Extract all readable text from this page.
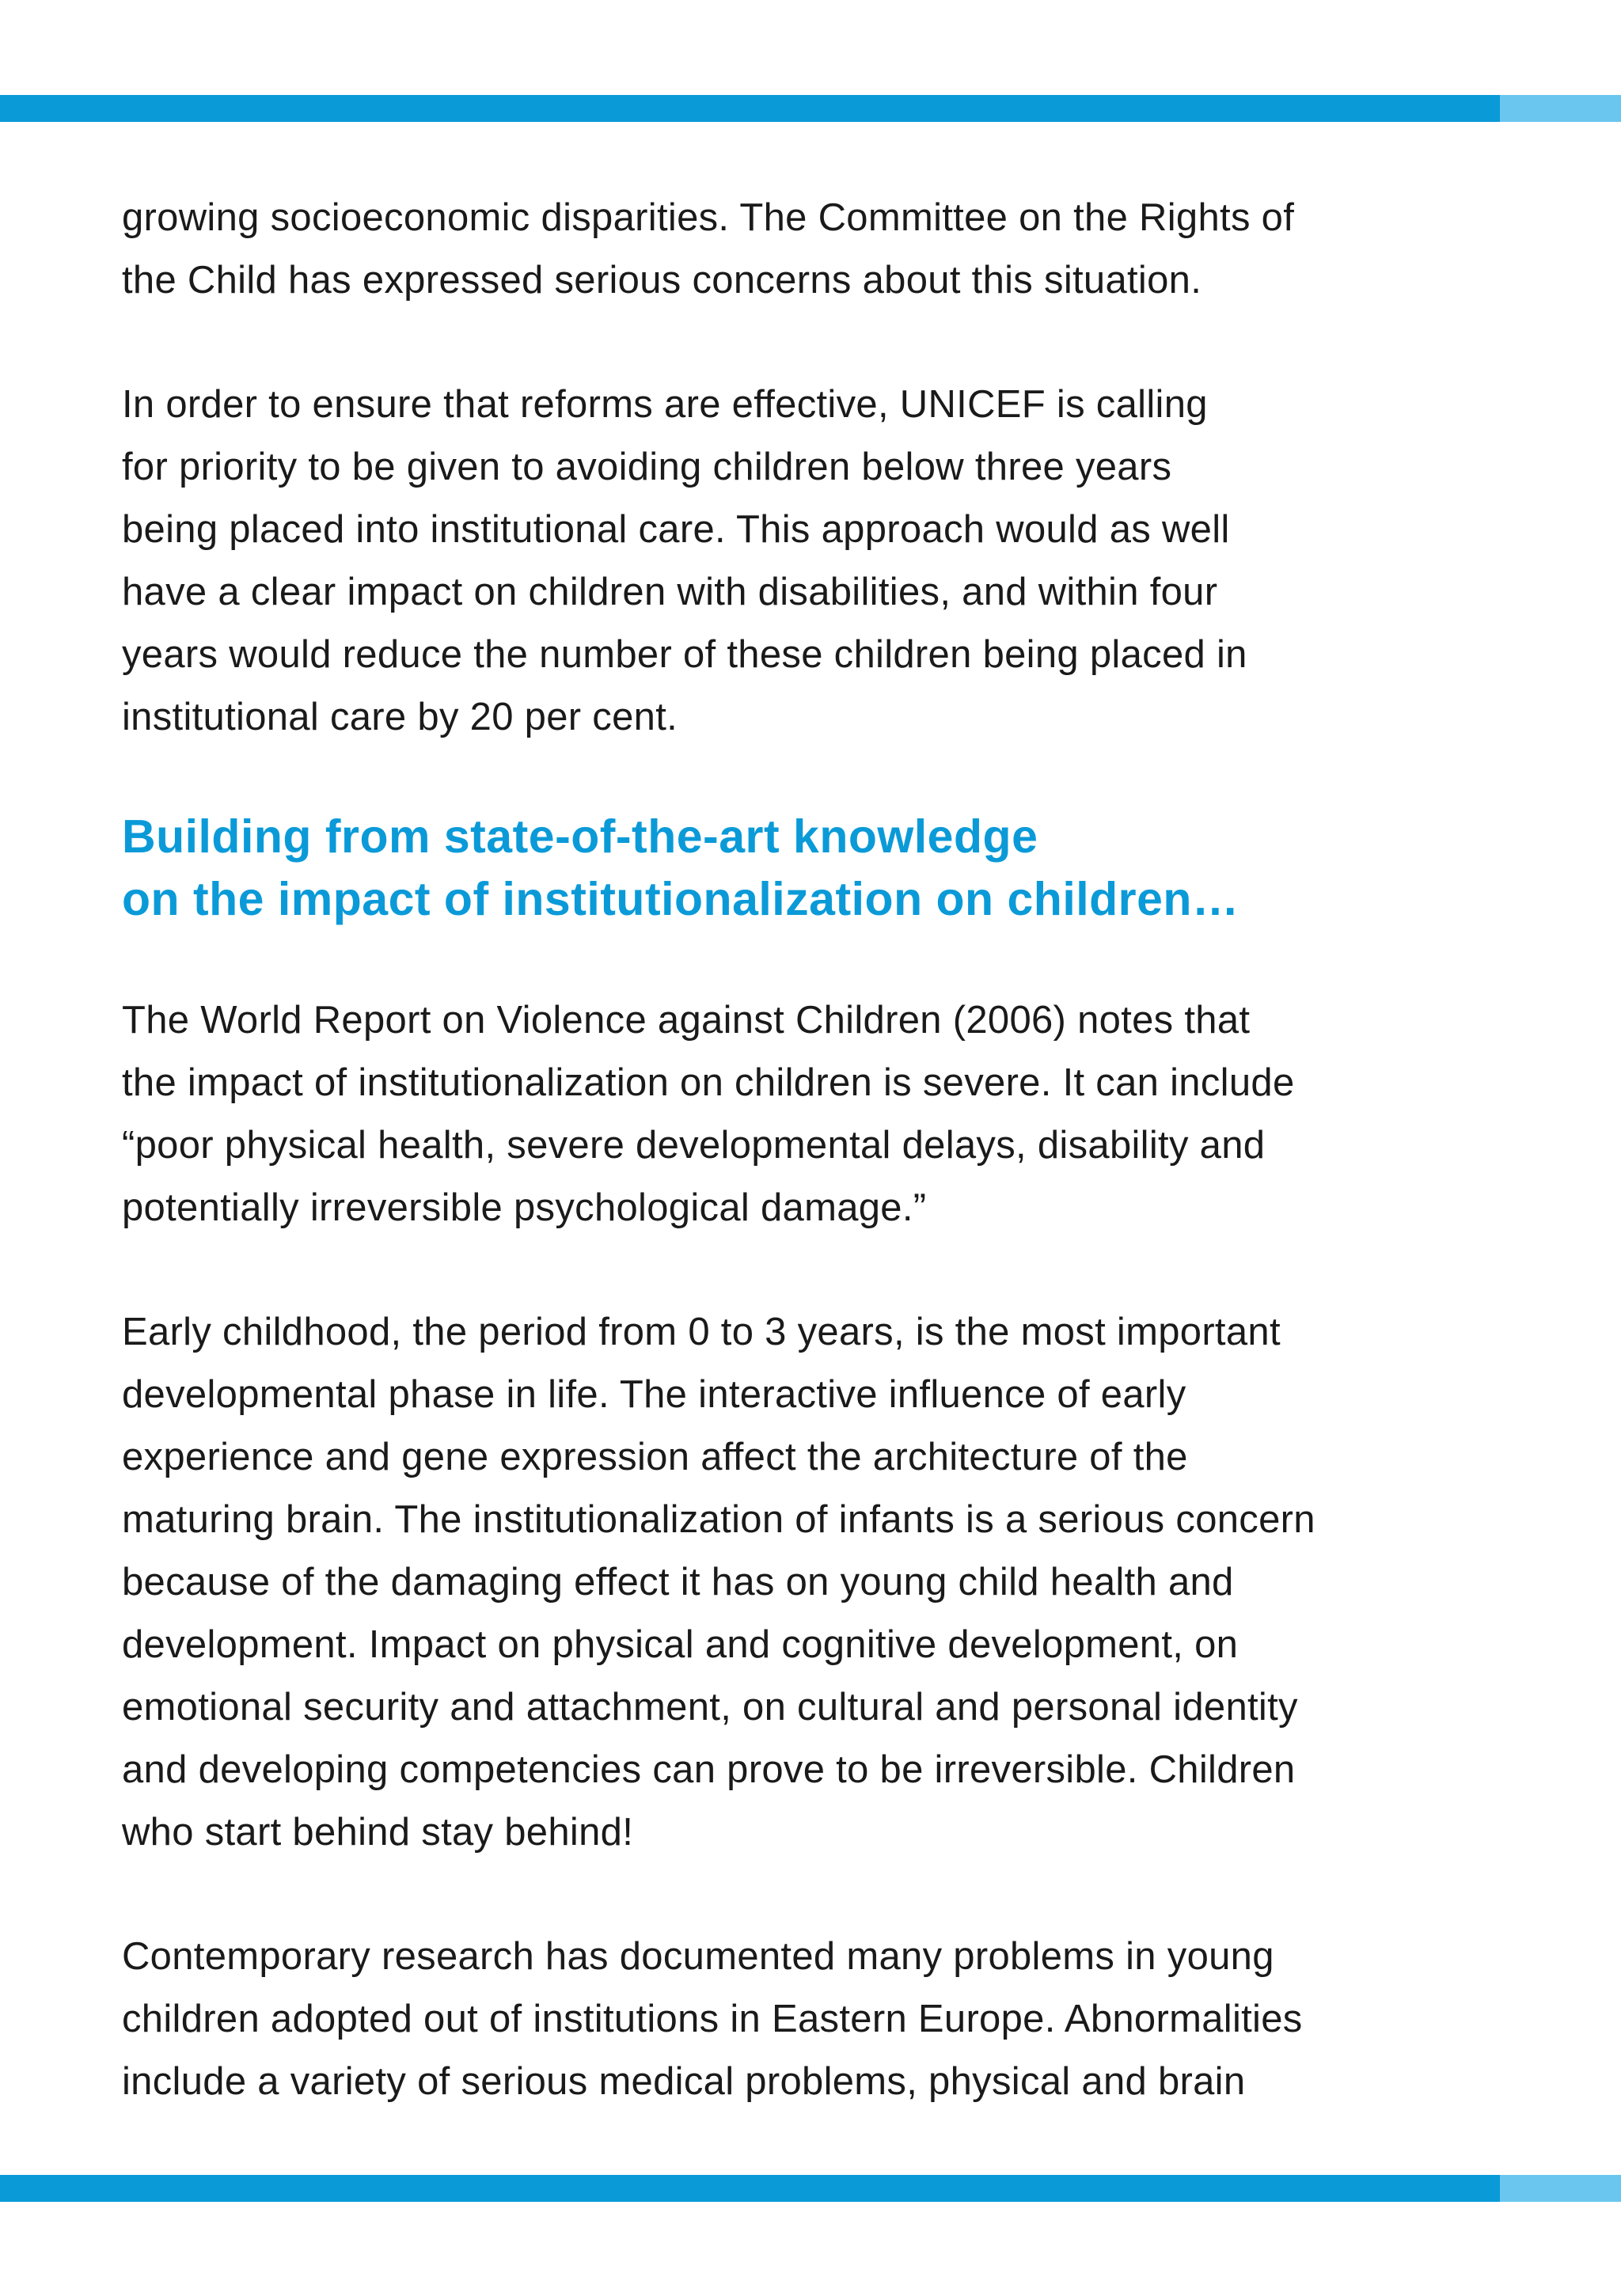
growing socioeconomic disparities. The Committee on the Rights of
the Child has expressed serious concerns about this situation.

In order to ensure that reforms are effective, UNICEF is calling
for priority to be given to avoiding children below three years
being placed into institutional care. This approach would as well
have a clear impact on children with disabilities, and within four
years would reduce the number of these children being placed in
institutional care by 20 per cent.

Building from state-of-the-art knowledge
on the impact of institutionalization on children…

The World Report on Violence against Children (2006) notes that
the impact of institutionalization on children is severe. It can include
“poor physical health, severe developmental delays, disability and
potentially irreversible psychological damage.”

Early childhood, the period from 0 to 3 years, is the most important
developmental phase in life. The interactive influence of early
experience and gene expression affect the architecture of the
maturing brain. The institutionalization of infants is a serious concern
because of the damaging effect it has on young child health and
development. Impact on physical and cognitive development, on
emotional security and attachment, on cultural and personal identity
and developing competencies can prove to be irreversible. Children
who start behind stay behind!

Contemporary research has documented many problems in young
children adopted out of institutions in Eastern Europe. Abnormalities
include a variety of serious medical problems, physical and brain
